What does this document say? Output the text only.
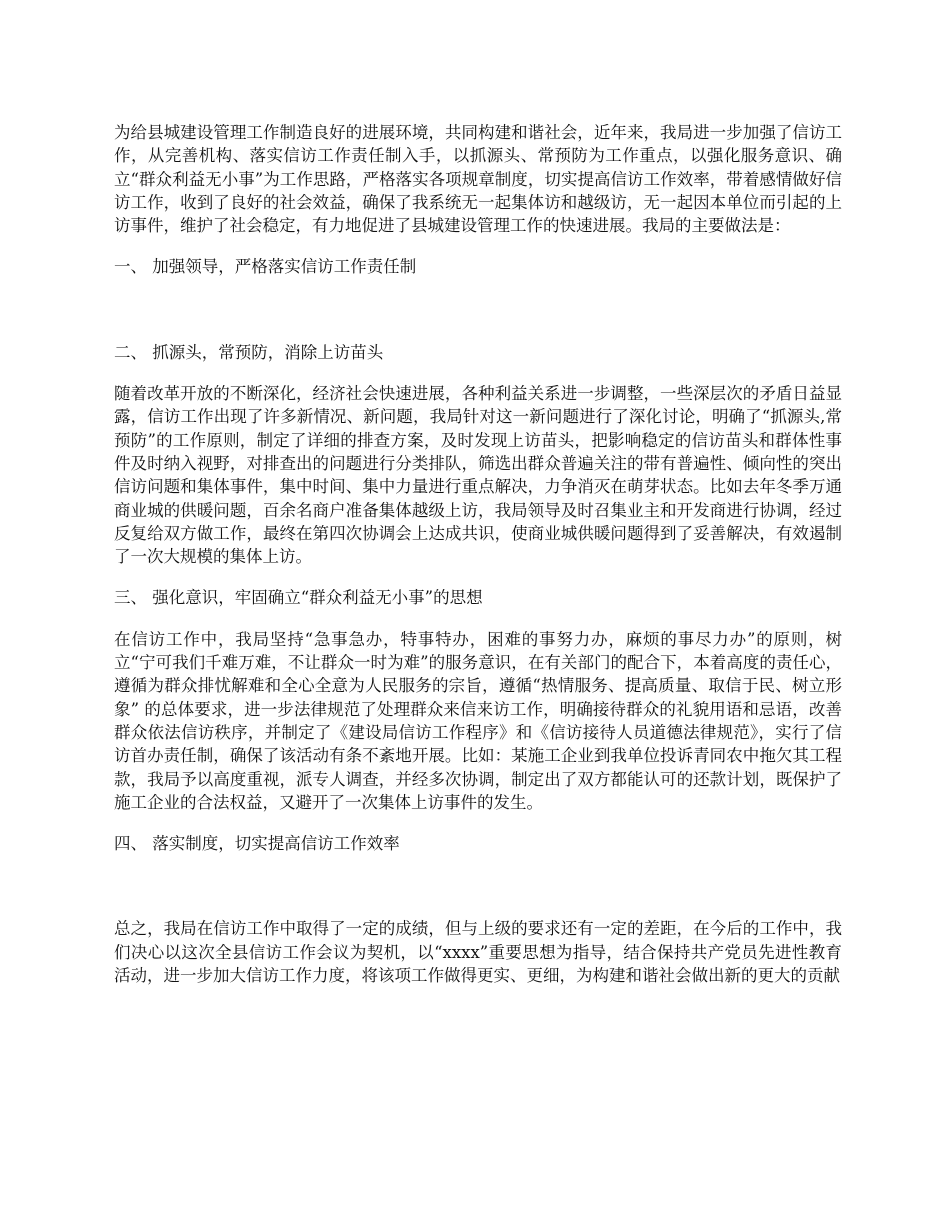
为给县城建设管理工作制造良好的进展环境，共同构建和谐社会，近年来，我局进一步加强了信访工作，从完善机构、落实信访工作责任制入手，以抓源头、常预防为工作重点，以强化服务意识、确立“群众利益无小事”为工作思路，严格落实各项规章制度，切实提高信访工作效率，带着感情做好信访工作，收到了良好的社会效益，确保了我系统无一起集体访和越级访，无一起因本单位而引起的上访事件，维护了社会稳定，有力地促进了县城建设管理工作的快速进展。我局的主要做法是：

一、 加强领导，严格落实信访工作责任制

二、 抓源头，常预防，消除上访苗头

随着改革开放的不断深化，经济社会快速进展，各种利益关系进一步调整，一些深层次的矛盾日益显露，信访工作出现了许多新情况、新问题，我局针对这一新问题进行了深化讨论，明确了“抓源头,常预防”的工作原则，制定了详细的排查方案，及时发现上访苗头，把影响稳定的信访苗头和群体性事件及时纳入视野，对排查出的问题进行分类排队，筛选出群众普遍关注的带有普遍性、倾向性的突出信访问题和集体事件，集中时间、集中力量进行重点解决，力争消灭在萌芽状态。比如去年冬季万通商业城的供暖问题，百余名商户准备集体越级上访，我局领导及时召集业主和开发商进行协调，经过反复给双方做工作，最终在第四次协调会上达成共识，使商业城供暖问题得到了妥善解决，有效遏制了一次大规模的集体上访。

三、 强化意识，牢固确立“群众利益无小事”的思想

在信访工作中，我局坚持“急事急办，特事特办，困难的事努力办，麻烦的事尽力办”的原则，树立“宁可我们千难万难，不让群众一时为难”的服务意识，在有关部门的配合下，本着高度的责任心，遵循为群众排忧解难和全心全意为人民服务的宗旨，遵循“热情服务、提高质量、取信于民、树立形象” 的总体要求，进一步法律规范了处理群众来信来访工作，明确接待群众的礼貌用语和忌语，改善群众依法信访秩序，并制定了《建设局信访工作程序》和《信访接待人员道德法律规范》，实行了信访首办责任制，确保了该活动有条不紊地开展。比如：某施工企业到我单位投诉青同农中拖欠其工程款，我局予以高度重视，派专人调查，并经多次协调，制定出了双方都能认可的还款计划，既保护了施工企业的合法权益，又避开了一次集体上访事件的发生。

四、 落实制度，切实提高信访工作效率

总之，我局在信访工作中取得了一定的成绩，但与上级的要求还有一定的差距，在今后的工作中，我们决心以这次全县信访工作会议为契机，以“xxxx”重要思想为指导，结合保持共产党员先进性教育活动，进一步加大信访工作力度，将该项工作做得更实、更细，为构建和谐社会做出新的更大的贡献
